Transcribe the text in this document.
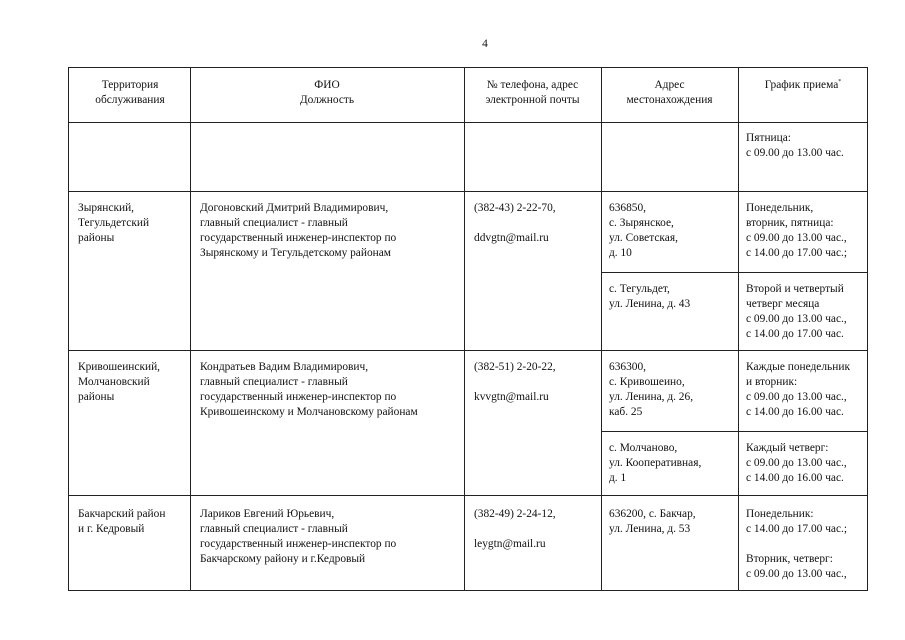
4
Территория
обслуживания
ФИО
Должность
№ телефона, адрес
электронной почты
Адрес
местонахождения
График приема*
Пятница:
с 09.00 до 13.00 час.
Зырянский,
Тегульдетский
районы
Догоновский Дмитрий Владимирович,
главный специалист - главный
государственный инженер-инспектор по
Зырянскому и Тегульдетскому районам
(382-43) 2-22-70,
ddvgtn@mail.ru
636850,
с. Зырянское,
ул. Советская,
д. 10
Понедельник,
вторник, пятница:
с 09.00 до 13.00 час.,
с 14.00 до 17.00 час.;
с. Тегульдет,
ул. Ленина, д. 43
Второй и четвертый
четверг месяца
с 09.00 до 13.00 час.,
с 14.00 до 17.00 час.
Кривошеинский,
Молчановский
районы
Кондратьев Вадим Владимирович,
главный специалист - главный
государственный инженер-инспектор по
Кривошеинскому и Молчановскому районам
(382-51) 2-20-22,
kvvgtn@mail.ru
636300,
с. Кривошеино,
ул. Ленина, д. 26,
каб. 25
Каждые понедельник
и вторник:
с 09.00 до 13.00 час.,
с 14.00 до 16.00 час.
с. Молчаново,
ул. Кооперативная,
д. 1
Каждый четверг:
с 09.00 до 13.00 час.,
с 14.00 до 16.00 час.
Бакчарский район
и г. Кедровый
Лариков Евгений Юрьевич,
главный специалист - главный
государственный инженер-инспектор по
Бакчарскому району и г.Кедровый
(382-49) 2-24-12,
leygtn@mail.ru
636200, с. Бакчар,
ул. Ленина, д. 53
Понедельник:
с 14.00 до 17.00 час.;

Вторник, четверг:
с 09.00 до 13.00 час.,
